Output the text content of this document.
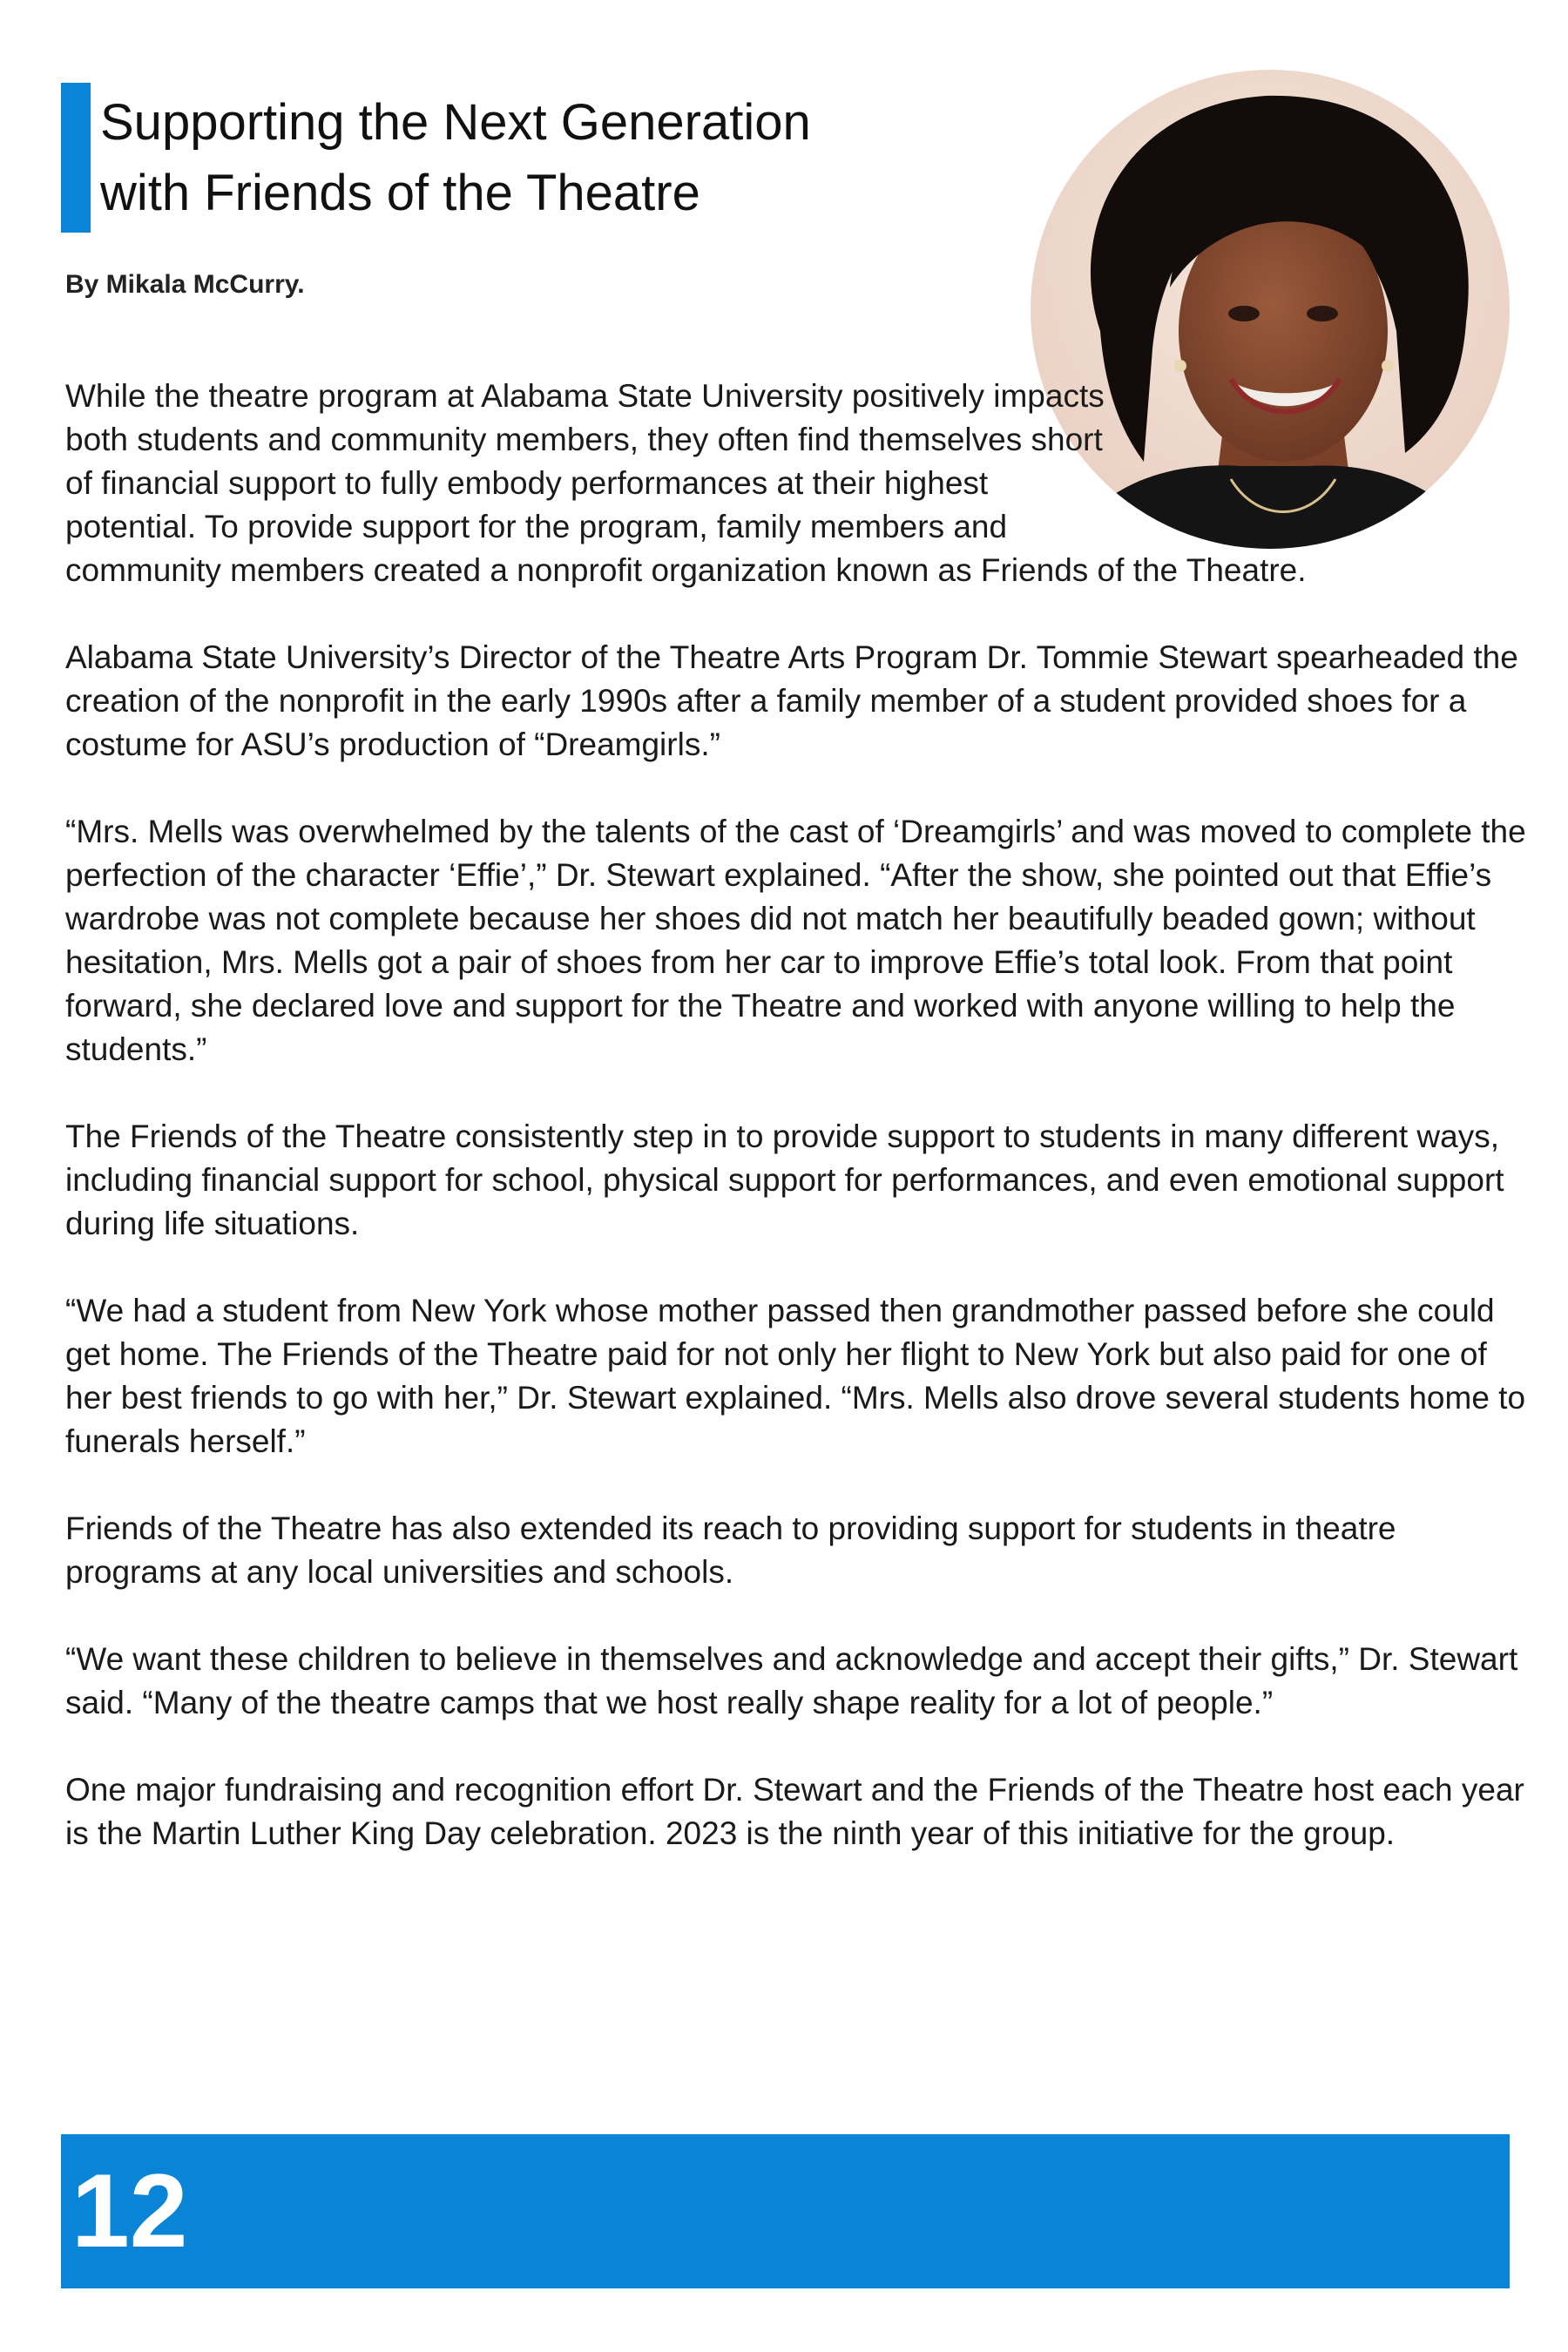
Supporting the Next Generation
with Friends of the Theatre
By Mikala McCurry.

While the theatre program at Alabama State University positively impacts both students and community members, they often find themselves short of financial support to fully embody performances at their highest potential. To provide support for the program, family members and community members created a nonprofit organization known as Friends of the Theatre.

Alabama State University’s Director of the Theatre Arts Program Dr. Tommie Stewart spearheaded the creation of the nonprofit in the early 1990s after a family member of a student provided shoes for a costume for ASU’s production of “Dreamgirls.”

“Mrs. Mells was overwhelmed by the talents of the cast of ‘Dreamgirls’ and was moved to complete the perfection of the character ‘Effie’,” Dr. Stewart explained. “After the show, she pointed out that Effie’s wardrobe was not complete because her shoes did not match her beautifully beaded gown; without hesitation, Mrs. Mells got a pair of shoes from her car to improve Effie’s total look. From that point forward, she declared love and support for the Theatre and worked with anyone willing to help the students.”

The Friends of the Theatre consistently step in to provide support to students in many different ways, including financial support for school, physical support for performances, and even emotional support during life situations.

“We had a student from New York whose mother passed then grandmother passed before she could get home. The Friends of the Theatre paid for not only her flight to New York but also paid for one of her best friends to go with her,” Dr. Stewart explained. “Mrs. Mells also drove several students home to funerals herself.”

Friends of the Theatre has also extended its reach to providing support for students in theatre programs at any local universities and schools.

“We want these children to believe in themselves and acknowledge and accept their gifts,” Dr. Stewart said. “Many of the theatre camps that we host really shape reality for a lot of people.”

One major fundraising and recognition effort Dr. Stewart and the Friends of the Theatre host each year is the Martin Luther King Day celebration. 2023 is the ninth year of this initiative for the group.

12
